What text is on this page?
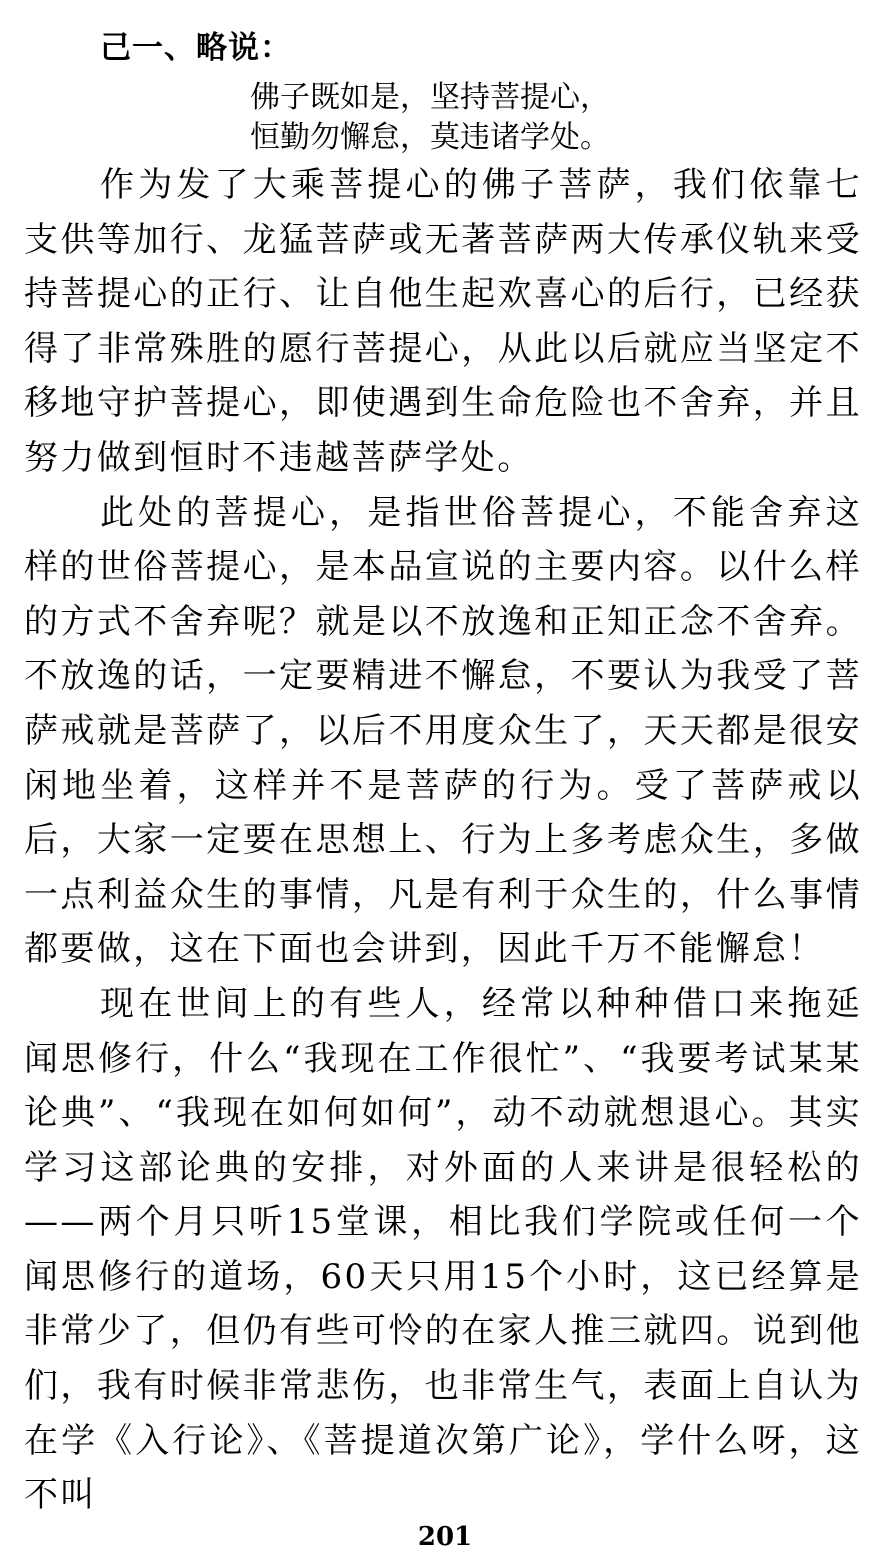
己一、略说：
佛子既如是，坚持菩提心，
恒勤勿懈怠，莫违诸学处。

作为发了大乘菩提心的佛子菩萨，我们依靠七支供等加行、龙猛菩萨或无著菩萨两大传承仪轨来受持菩提心的正行、让自他生起欢喜心的后行，已经获得了非常殊胜的愿行菩提心，从此以后就应当坚定不移地守护菩提心，即使遇到生命危险也不舍弃，并且努力做到恒时不违越菩萨学处。

此处的菩提心，是指世俗菩提心，不能舍弃这样的世俗菩提心，是本品宣说的主要内容。以什么样的方式不舍弃呢？就是以不放逸和正知正念不舍弃。不放逸的话，一定要精进不懈怠，不要认为我受了菩萨戒就是菩萨了，以后不用度众生了，天天都是很安闲地坐着，这样并不是菩萨的行为。受了菩萨戒以后，大家一定要在思想上、行为上多考虑众生，多做一点利益众生的事情，凡是有利于众生的，什么事情都要做，这在下面也会讲到，因此千万不能懈怠！

现在世间上的有些人，经常以种种借口来拖延闻思修行，什么“我现在工作很忙”、“我要考试某某论典”、“我现在如何如何”，动不动就想退心。其实学习这部论典的安排，对外面的人来讲是很轻松的——两个月只听15堂课，相比我们学院或任何一个闻思修行的道场，60天只用15个小时，这已经算是非常少了，但仍有些可怜的在家人推三就四。说到他们，我有时候非常悲伤，也非常生气，表面上自认为在学《入行论》、《菩提道次第广论》，学什么呀，这不叫

201
